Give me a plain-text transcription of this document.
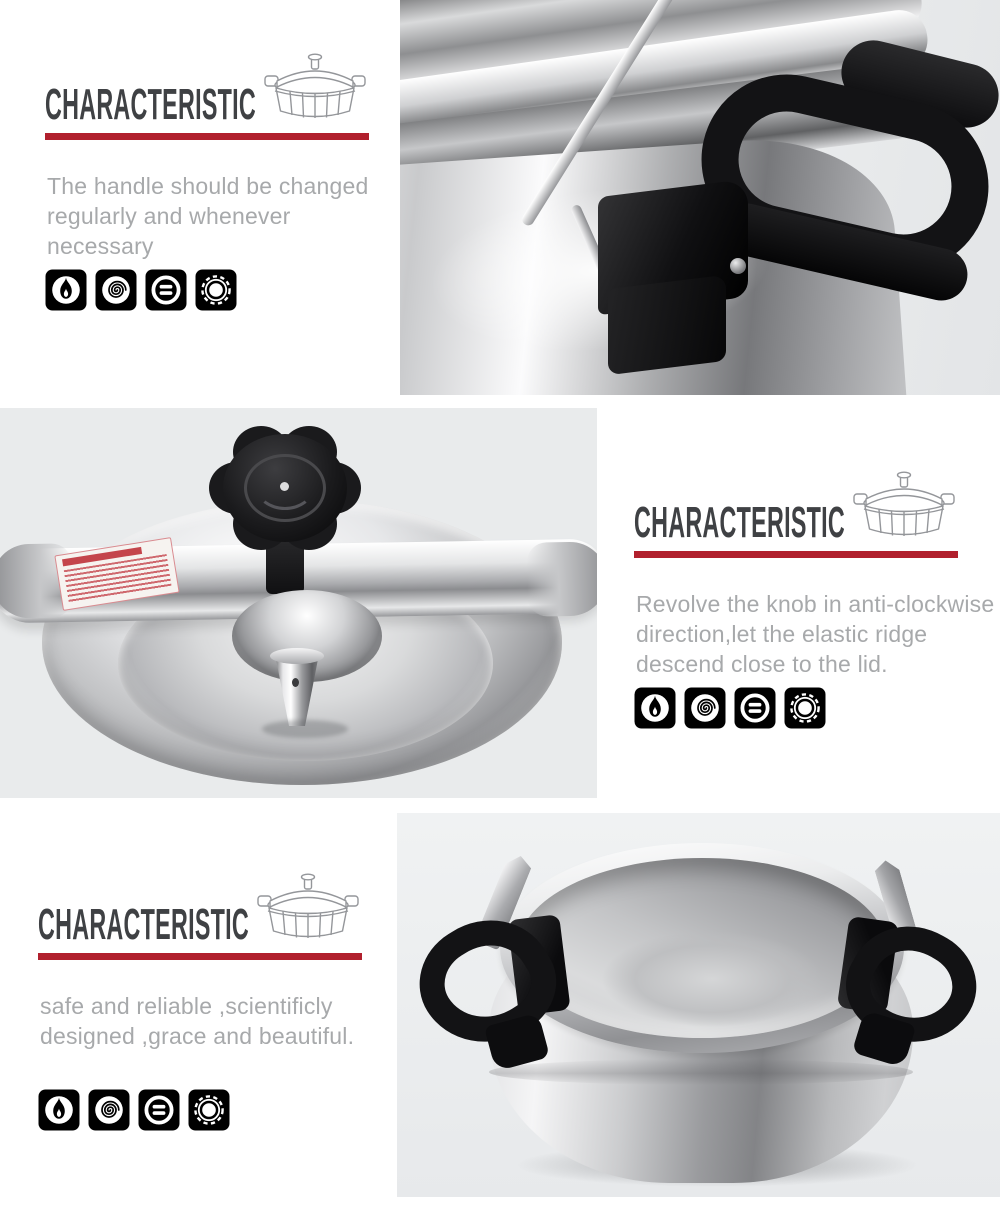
CHARACTERISTIC

The handle should be changed
regularly and whenever
necessary

CHARACTERISTIC

Revolve the knob in anti-clockwise
direction,let the elastic ridge
descend close to the lid.

CHARACTERISTIC

safe and reliable ,scientificly
designed ,grace and beautiful.
